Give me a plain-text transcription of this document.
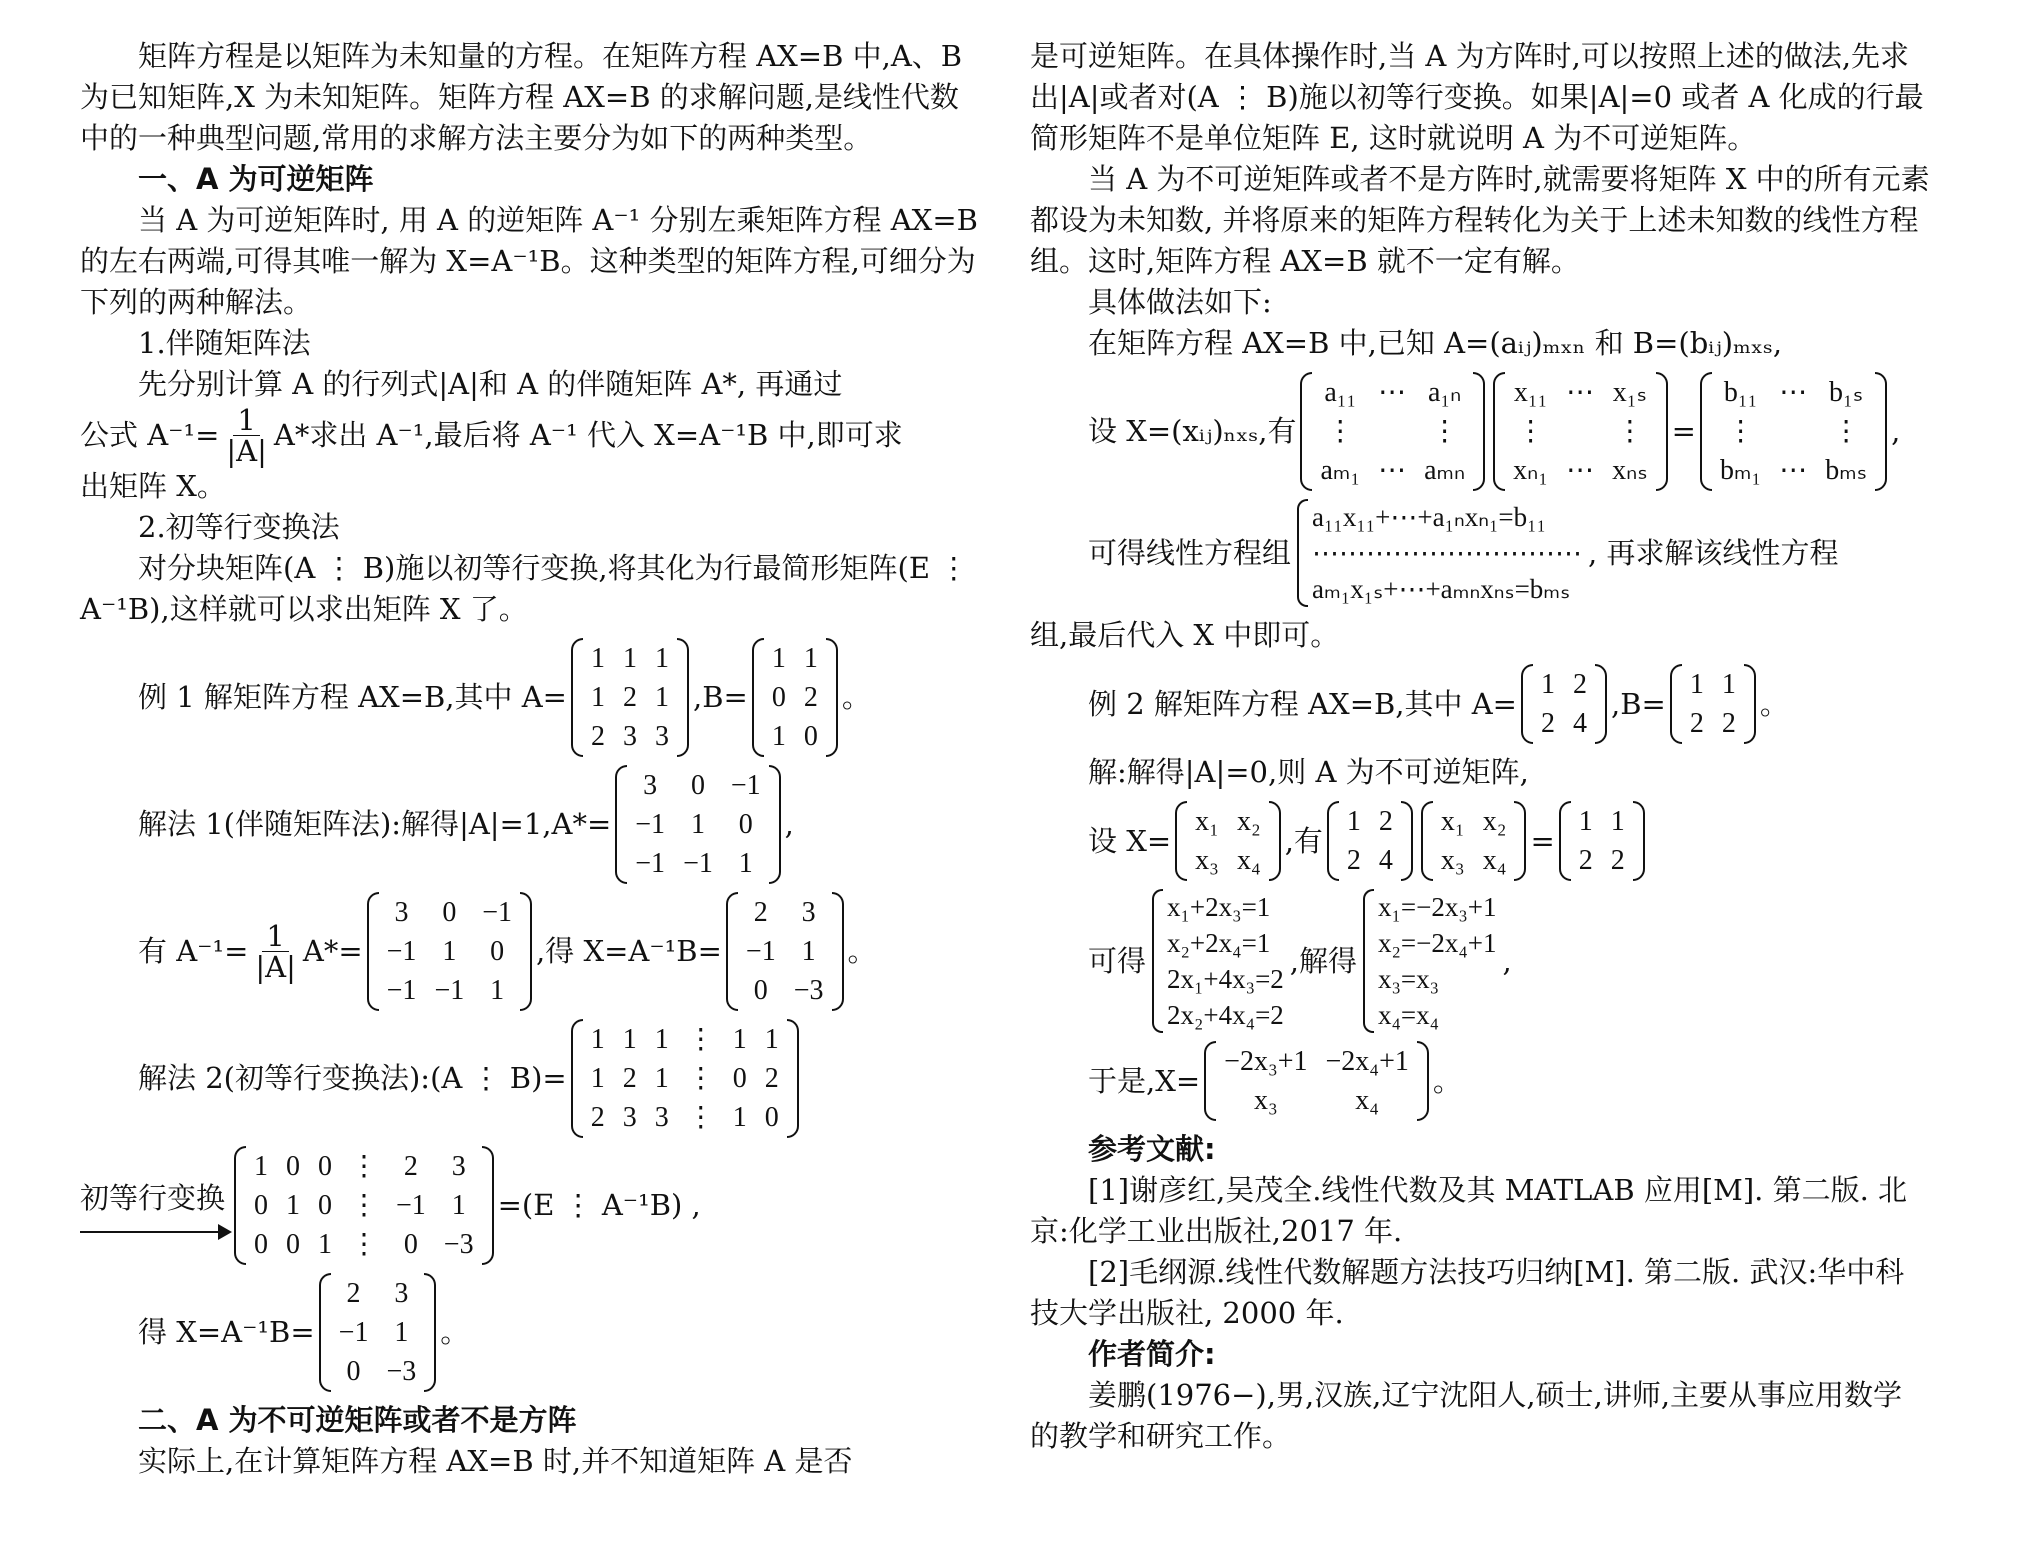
矩阵方程是以矩阵为未知量的方程。在矩阵方程 AX=B 中,A、B 为已知矩阵,X 为未知矩阵。矩阵方程 AX=B 的求解问题,是线性代数中的一种典型问题,常用的求解方法主要分为如下的两种类型。

一、A 为可逆矩阵

当 A 为可逆矩阵时, 用 A 的逆矩阵 A⁻¹ 分别左乘矩阵方程 AX=B 的左右两端,可得其唯一解为 X=A⁻¹B。这种类型的矩阵方程,可细分为下列的两种解法。

1.伴随矩阵法

先分别计算 A 的行列式|A|和 A 的伴随矩阵 A*, 再通过

公式 $A^{-1}= \frac{1}{|A|} A*$求出 A⁻¹,最后将 A⁻¹ 代入 X=A⁻¹B 中,即可求

出矩阵 X。

2.初等行变换法

对分块矩阵(A ⋮ B)施以初等行变换,将其化为行最简形矩阵(E ⋮ A⁻¹B),这样就可以求出矩阵 X 了。

例 1 解矩阵方程 AX=B,其中 A=
1 1 1
1 2 1
2 3 3
,B=
1 1
0 2
1 0
。
解法 1(伴随矩阵法):解得|A|=1,A*=
3 0 −1
−1 1 0
−1 −1 1
,
有 $A^{-1}= \frac{1}{|A|} A*=$
3 0 −1
−1 1 0
−1 −1 1
,得 X=A⁻¹B=
2 3
−1 1
0 −3
。
解法 2(初等行变换法):(A ⋮ B)=
1 1 1 ⋮ 1 1
1 2 1 ⋮ 0 2
2 3 3 ⋮ 1 0
初等行变换
1 0 0 ⋮ 2 3
0 1 0 ⋮ −1 1
0 0 1 ⋮ 0 −3
=(E ⋮ A⁻¹B) ,
得 X=A⁻¹B=
2 3
−1 1
0 −3
。

二、A 为不可逆矩阵或者不是方阵

实际上,在计算矩阵方程 AX=B 时,并不知道矩阵 A 是否

是可逆矩阵。在具体操作时,当 A 为方阵时,可以按照上述的做法,先求出|A|或者对(A ⋮ B)施以初等行变换。如果|A|=0 或者 A 化成的行最简形矩阵不是单位矩阵 E, 这时就说明 A 为不可逆矩阵。

当 A 为不可逆矩阵或者不是方阵时,就需要将矩阵 X 中的所有元素都设为未知数, 并将原来的矩阵方程转化为关于上述未知数的线性方程组。这时,矩阵方程 AX=B 就不一定有解。

具体做法如下:

在矩阵方程 AX=B 中,已知 A=(aᵢⱼ)ₘₓₙ 和 B=(bᵢⱼ)ₘₓₛ,

设 X=(xᵢⱼ)ₙₓₛ,有
a₁₁ ⋯ a₁ₙ
⋮	⋮
aₘ₁ ⋯ aₘₙ
x₁₁ ⋯ x₁ₛ
⋮	⋮
xₙ₁ ⋯ xₙₛ
=
b₁₁ ⋯ b₁ₛ
⋮	⋮
bₘ₁ ⋯ bₘₛ
,
可得线性方程组
a₁₁x₁₁+⋯+a₁ₙxₙ₁=b₁₁
⋯⋯⋯⋯⋯⋯⋯⋯⋯⋯
aₘ₁x₁ₛ+⋯+aₘₙxₙₛ=bₘₛ
, 再求解该线性方程

组,最后代入 X 中即可。

例 2 解矩阵方程 AX=B,其中 A=
1 2
2 4
,B=
1 1
2 2
。

解:解得|A|=0,则 A 为不可逆矩阵,

设 X=
x₁ x₂
x₃ x₄
,有
1 2
2 4
x₁ x₂
x₃ x₄
=
1 1
2 2
可得
x₁+2x₃=1
x₂+2x₄=1
2x₁+4x₃=2
2x₂+4x₄=2
,解得
x₁=−2x₃+1
x₂=−2x₄+1
x₃=x₃
x₄=x₄
,
于是,X=
−2x₃+1 −2x₄+1
x₃	x₄
。

参考文献:

[1]谢彦红,吴茂全.线性代数及其 MATLAB 应用[M]. 第二版. 北京:化学工业出版社,2017 年.

[2]毛纲源.线性代数解题方法技巧归纳[M]. 第二版. 武汉:华中科技大学出版社, 2000 年.

作者简介:

姜鹏(1976−),男,汉族,辽宁沈阳人,硕士,讲师,主要从事应用数学的教学和研究工作。
